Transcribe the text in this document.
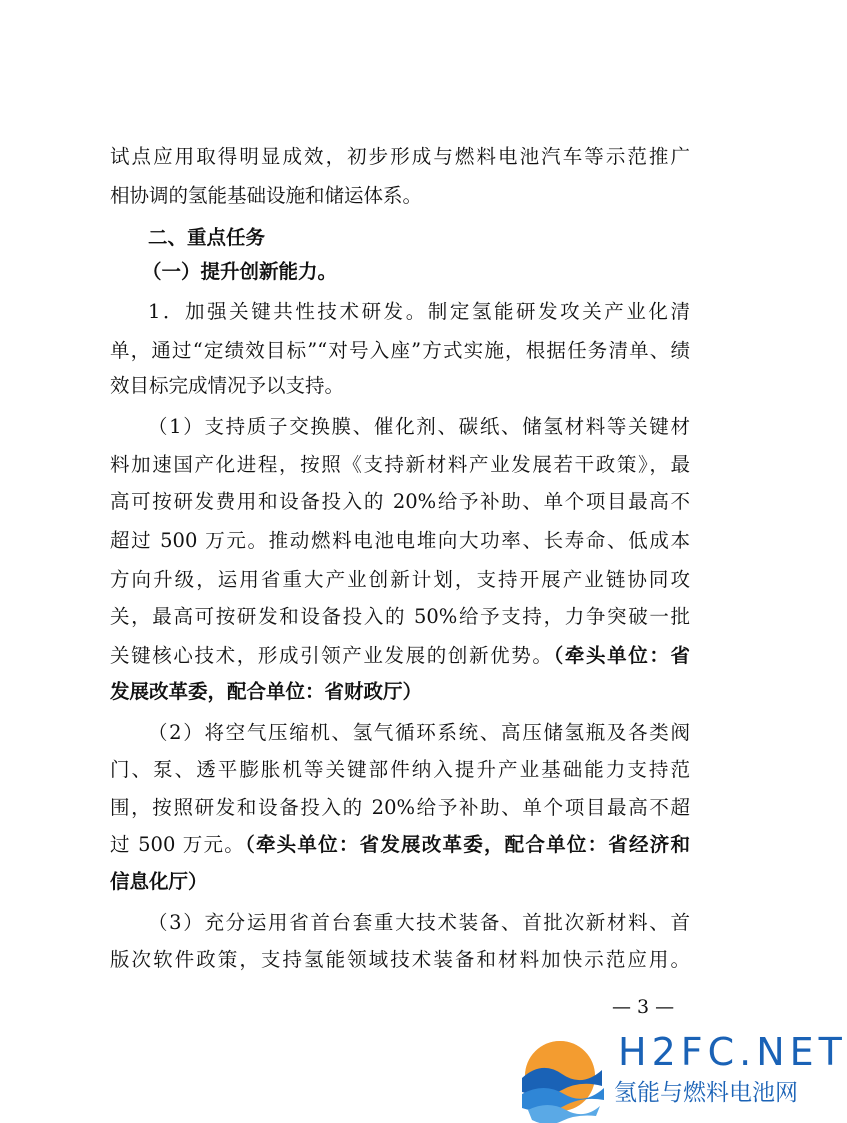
试点应用取得明显成效，初步形成与燃料电池汽车等示范推广
相协调的氢能基础设施和储运体系。
二、重点任务
（一）提升创新能力。
1．加强关键共性技术研发。制定氢能研发攻关产业化清
单，通过“定绩效目标”“对号入座”方式实施，根据任务清单、绩
效目标完成情况予以支持。
（1）支持质子交换膜、催化剂、碳纸、储氢材料等关键材
料加速国产化进程，按照《支持新材料产业发展若干政策》，最
高可按研发费用和设备投入的 20%给予补助、单个项目最高不
超过 500 万元。推动燃料电池电堆向大功率、长寿命、低成本
方向升级，运用省重大产业创新计划，支持开展产业链协同攻
关，最高可按研发和设备投入的 50%给予支持，力争突破一批
关键核心技术，形成引领产业发展的创新优势。（牵头单位：省
发展改革委，配合单位：省财政厅）
（2）将空气压缩机、氢气循环系统、高压储氢瓶及各类阀
门、泵、透平膨胀机等关键部件纳入提升产业基础能力支持范
围，按照研发和设备投入的 20%给予补助、单个项目最高不超
过 500 万元。（牵头单位：省发展改革委，配合单位：省经济和
信息化厅）
（3）充分运用省首台套重大技术装备、首批次新材料、首
版次软件政策，支持氢能领域技术装备和材料加快示范应用。
— 3 —
H2FC.NET
氢能与燃料电池网
